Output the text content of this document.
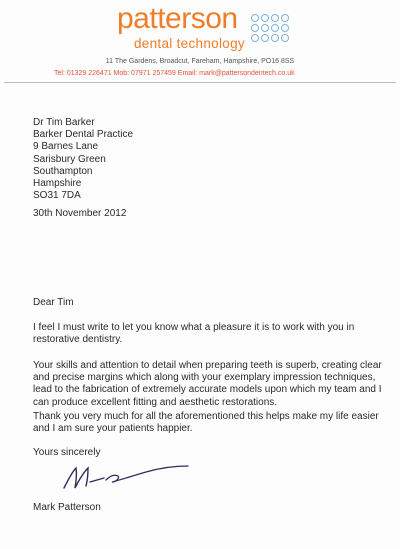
patterson
dental technology
11 The Gardens, Broadcut, Fareham, Hampshire, PO16 8SS
Tel: 01329 226471 Mob: 07971 257459 Email: mark@pattersondentech.co.uk
Dr Tim Barker
Barker Dental Practice
9 Barnes Lane
Sarisbury Green
Southampton
Hampshire
SO31 7DA
30th November 2012
Dear Tim
I feel I must write to let you know what a pleasure it is to work with you in restorative dentistry.
Your skills and attention to detail when preparing teeth is superb, creating clear and precise margins which along with your exemplary impression techniques, lead to the fabrication of extremely accurate models upon which my team and I can produce excellent fitting and aesthetic restorations.
Thank you very much for all the aforementioned this helps make my life easier and I am sure your patients happier.
Yours sincerely
Mark Patterson
